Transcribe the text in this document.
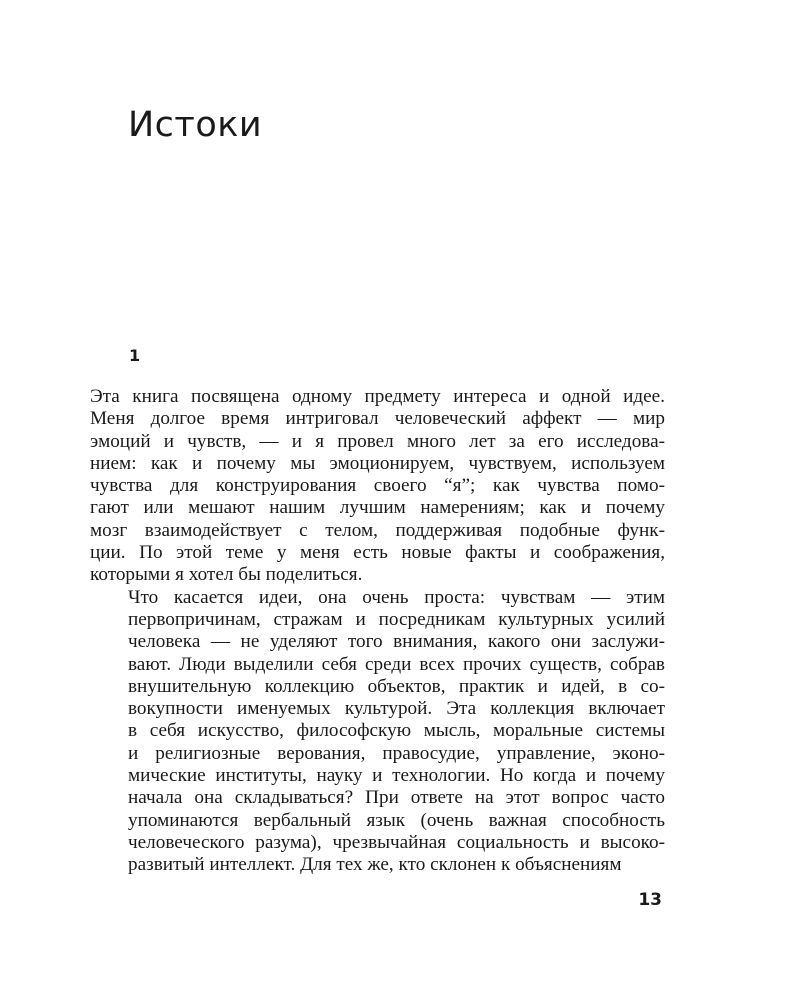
Истоки
1

Эта книга посвящена одному предмету интереса и одной идее.
Меня долгое время интриговал человеческий аффект — мир
эмоций и чувств, — и я провел много лет за его исследова-
нием: как и почему мы эмоционируем, чувствуем, используем
чувства для конструирования своего “я”; как чувства помо-
гают или мешают нашим лучшим намерениям; как и почему
мозг взаимодействует с телом, поддерживая подобные функ-
ции. По этой теме у меня есть новые факты и соображения,
которыми я хотел бы поделиться.

Что касается идеи, она очень проста: чувствам — этим
первопричинам, стражам и посредникам культурных усилий
человека — не уделяют того внимания, какого они заслужи-
вают. Люди выделили себя среди всех прочих существ, собрав
внушительную коллекцию объектов, практик и идей, в со-
вокупности именуемых культурой. Эта коллекция включает
в себя искусство, философскую мысль, моральные системы
и религиозные верования, правосудие, управление, эконо-
мические институты, науку и технологии. Но когда и почему
начала она складываться? При ответе на этот вопрос часто
упоминаются вербальный язык (очень важная способность
человеческого разума), чрезвычайная социальность и высоко-
развитый интеллект. Для тех же, кто склонен к объяснениям

13
